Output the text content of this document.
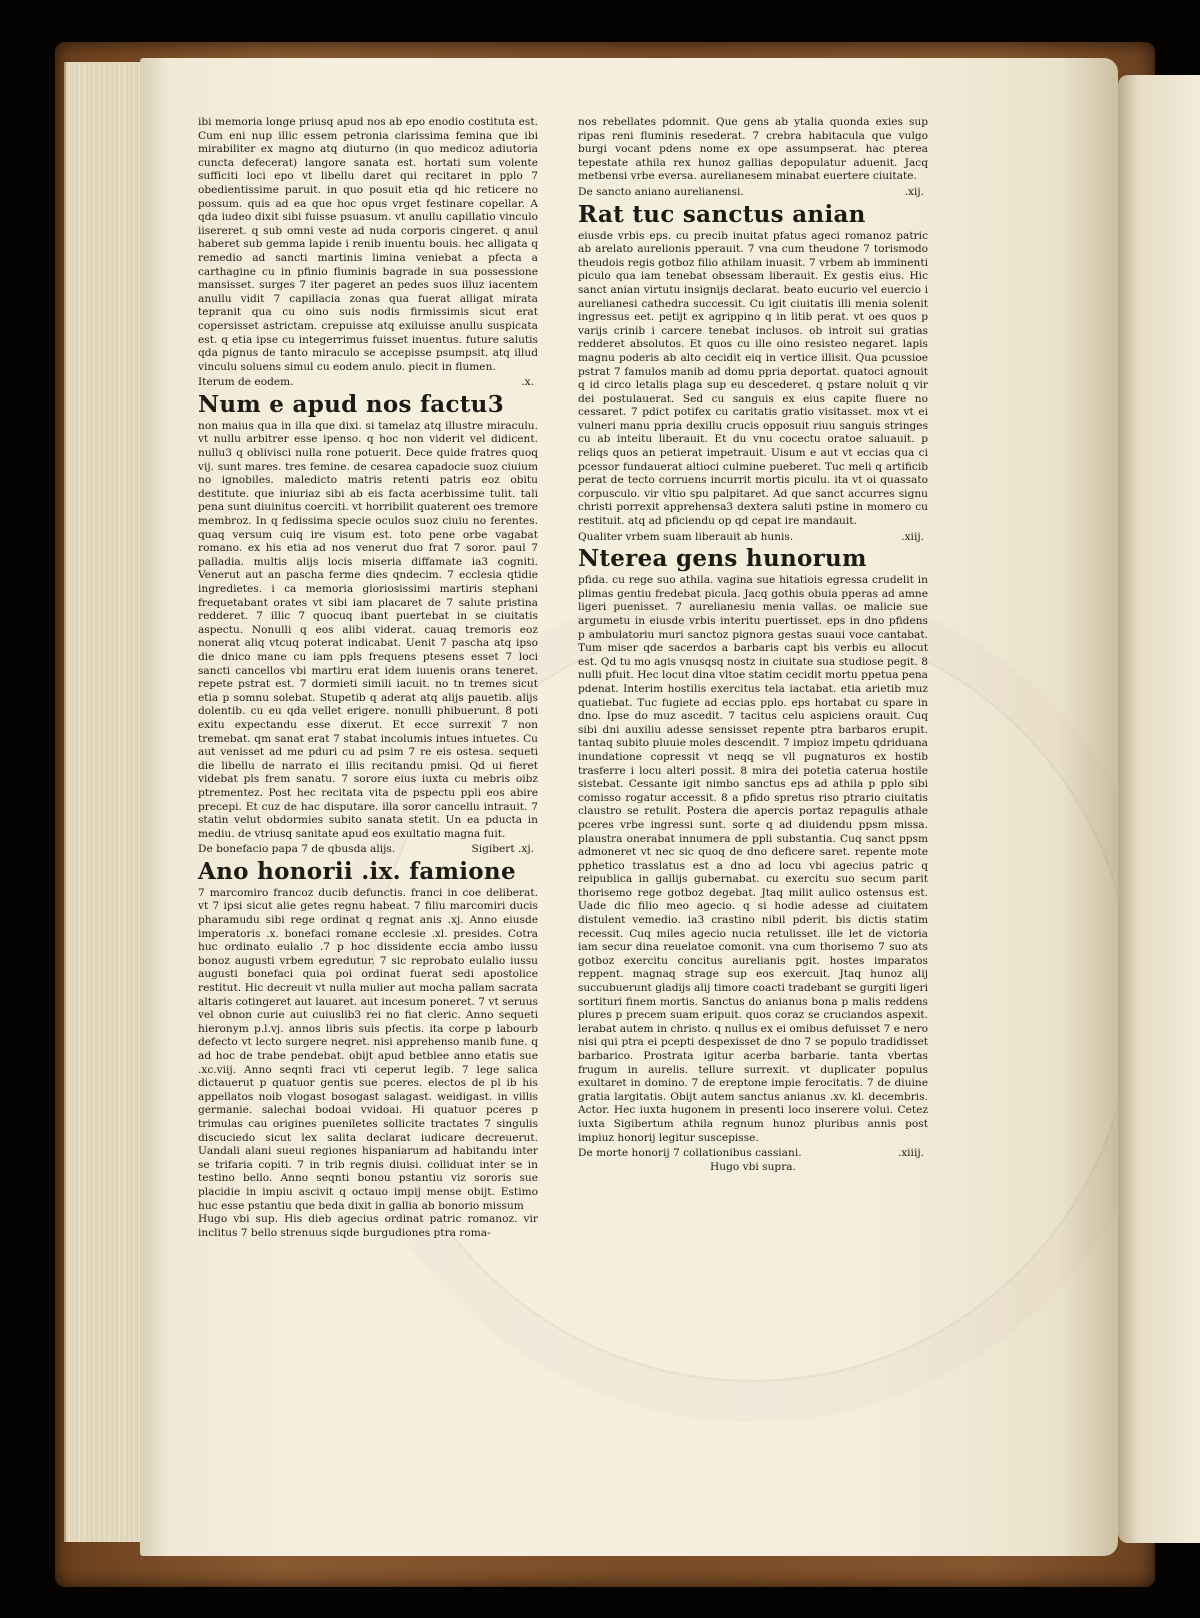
ibi memoria longe priusq apud nos ab epo enodio costituta est. Cum eni nup illic essem petronia clarissima femina que ibi mirabiliter ex magno atq diuturno (in quo medicoz adiutoria cuncta defecerat) langore sanata est. hortati sum volente sufficiti loci epo vt libellu daret qui recitaret in pplo 7 obedientissime paruit. in quo posuit etia qd hic reticere no possum. quis ad ea que hoc opus vrget festinare copellar. A qda iudeo dixit sibi fuisse psuasum. vt anullu capillatio vinculo iisereret. q sub omni veste ad nuda corporis cingeret. q anul haberet sub gemma lapide i renib inuentu bouis. hec alligata q remedio ad sancti martinis limina veniebat a pfecta a carthagine cu in pfinio fluminis bagrade in sua possessione mansisset. surges 7 iter pageret an pedes suos illuz iacentem anullu vidit 7 capillacia zonas qua fuerat alligat mirata tepranit qua cu oino suis nodis firmissimis sicut erat copersisset astrictam. crepuisse atq exiluisse anullu suspicata est. q etia ipse cu integerrimus fuisset inuentus. future salutis qda pignus de tanto miraculo se accepisse psumpsit. atq illud vinculu soluens simul cu eodem anulo. piecit in flumen.

Iterum de eodem.	.x.
Num e apud nos factu3

non maius qua in illa que dixi. si tamelaz atq illustre miraculu. vt nullu arbitrer esse ipenso. q hoc non viderit vel didicent. nullu3 q oblivisci nulla rone potuerit. Dece quide fratres quoq vij. sunt mares. tres femine. de cesarea capadocie suoz ciuium no ignobiles. maledicto matris retenti patris eoz obitu destitute. que iniuriaz sibi ab eis facta acerbissime tulit. tali pena sunt diuinitus coerciti. vt horribilit quaterent oes tremore membroz. In q fedissima specie oculos suoz ciuiu no ferentes. quaq versum cuiq ire visum est. toto pene orbe vagabat romano. ex his etia ad nos venerut duo frat 7 soror. paul 7 palladia. multis alijs locis miseria diffamate ia3 cogniti. Venerut aut an pascha ferme dies qndecim. 7 ecclesia qtidie ingredietes. i ca memoria gloriosissimi martiris stephani frequetabant orates vt sibi iam placaret de 7 salute pristina redderet. 7 illic 7 quocuq ibant puertebat in se ciuitatis aspectu. Nonulli q eos alibi viderat. cauaq tremoris eoz nonerat aliq vtcuq poterat indicabat. Uenit 7 pascha atq ipso die dnico mane cu iam ppls frequens ptesens esset 7 loci sancti cancellos vbi martiru erat idem iuuenis orans teneret. repete pstrat est. 7 dormieti simili iacuit. no tn tremes sicut etia p somnu solebat. Stupetib q aderat atq alijs pauetib. alijs dolentib. cu eu qda vellet erigere. nonulli phibuerunt. 8 poti exitu expectandu esse dixerut. Et ecce surrexit 7 non tremebat. qm sanat erat 7 stabat incolumis intues intuetes. Cu aut venisset ad me pduri cu ad psim 7 re eis ostesa. sequeti die libellu de narrato ei illis recitandu pmisi. Qd ui fieret videbat pls frem sanatu. 7 sorore eius iuxta cu mebris oibz ptrementez. Post hec recitata vita de pspectu ppli eos abire precepi. Et cuz de hac disputare. illa soror cancellu intrauit. 7 statin velut obdormies subito sanata stetit. Un ea pducta in mediu. de vtriusq sanitate apud eos exultatio magna fuit.

De bonefacio papa 7 de qbusda alijs.	Sigibert .xj.
Ano honorii .ix. famione

7 marcomiro francoz ducib defunctis. franci in coe deliberat. vt 7 ipsi sicut alie getes regnu habeat. 7 filiu marcomiri ducis pharamudu sibi rege ordinat q regnat anis .xj. Anno eiusde imperatoris .x. bonefaci romane ecclesie .xl. presides. Cotra huc ordinato eulalio .7 p hoc dissidente eccia ambo iussu bonoz augusti vrbem egredutur. 7 sic reprobato eulalio iussu augusti bonefaci quia poi ordinat fuerat sedi apostolice restitut. Hic decreuit vt nulla mulier aut mocha pallam sacrata altaris cotingeret aut lauaret. aut incesum poneret. 7 vt seruus vel obnon curie aut cuiuslib3 rei no fiat cleric. Anno sequeti hieronym p.l.vj. annos libris suis pfectis. ita corpe p labourb defecto vt lecto surgere neqret. nisi apprehenso manib fune. q ad hoc de trabe pendebat. obijt apud betblee anno etatis sue .xc.viij. Anno seqnti fraci vti ceperut legib. 7 lege salica dictauerut p quatuor gentis sue pceres. electos de pl ib his appellatos noib vlogast bosogast salagast. weidigast. in villis germanie. salechai bodoai vvidoai. Hi quatuor pceres p trimulas cau origines pueniletes sollicite tractates 7 singulis discuciedo sicut lex salita declarat iudicare decreuerut. Uandali alani sueui regiones hispaniarum ad habitandu inter se trifaria copiti. 7 in trib regnis diuisi. colliduat inter se in testino bello. Anno seqnti bonou pstantiu viz sororis sue placidie in impiu ascivit q octauo impij mense obijt. Estimo huc esse pstantiu que beda dixit in gallia ab bonorio missum

Hugo vbi sup. His dieb agecius ordinat patric romanoz. vir inclitus 7 bello strenuus siqde burgudiones ptra roma-

nos rebellates pdomnit. Que gens ab ytalia quonda exies sup ripas reni fluminis resederat. 7 crebra habitacula que vulgo burgi vocant pdens nome ex ope assumpserat. hac pterea tepestate athila rex hunoz gallias depopulatur aduenit. Jacq metbensi vrbe eversa. aurelianesem minabat euertere ciuitate.

De sancto aniano aurelianensi.	.xij.
Rat tuc sanctus anian

eiusde vrbis eps. cu precib inuitat pfatus ageci romanoz patric ab arelato aurelionis pperauit. 7 vna cum theudone 7 torismodo theudois regis gotboz filio athilam inuasit. 7 vrbem ab imminenti piculo qua iam tenebat obsessam liberauit. Ex gestis eius. Hic sanct anian virtutu insignijs declarat. beato eucurio vel euercio i aurelianesi cathedra successit. Cu igit ciuitatis illi menia solenit ingressus eet. petijt ex agrippino q in litib perat. vt oes quos p varijs crinib i carcere tenebat inclusos. ob introit sui gratias redderet absolutos. Et quos cu ille oino resisteo negaret. lapis magnu poderis ab alto cecidit eiq in vertice illisit. Qua pcussioe pstrat 7 famulos manib ad domu ppria deportat. quatoci agnouit q id circo letalis plaga sup eu descederet. q pstare noluit q vir dei postulauerat. Sed cu sanguis ex eius capite fluere no cessaret. 7 pdict potifex cu caritatis gratio visitasset. mox vt ei vulneri manu ppria dexillu crucis opposuit riuu sanguis stringes cu ab inteitu liberauit. Et du vnu cocectu oratoe saluauit. p reliqs quos an petierat impetrauit. Uisum e aut vt eccias qua ci pcessor fundauerat altioci culmine pueberet. Tuc meli q artificib perat de tecto corruens incurrit mortis piculu. ita vt oi quassato corpusculo. vir vltio spu palpitaret. Ad que sanct accurres signu christi porrexit apprehensa3 dextera saluti pstine in momero cu restituit. atq ad pficiendu op qd cepat ire mandauit.

Qualiter vrbem suam liberauit ab hunis.	.xiij.
Nterea gens hunorum

pfida. cu rege suo athila. vagina sue hitatiois egressa crudelit in plimas gentiu fredebat picula. Jacq gothis obuia pperas ad amne ligeri puenisset. 7 aurelianesiu menia vallas. oe malicie sue argumetu in eiusde vrbis interitu puertisset. eps in dno pfidens p ambulatoriu muri sanctoz pignora gestas suaui voce cantabat. Tum miser qde sacerdos a barbaris capt bis verbis eu allocut est. Qd tu mo agis vnusqsq nostz in ciuitate sua studiose pegit. 8 nulli pfuit. Hec locut dina vltoe statim cecidit mortu ppetua pena pdenat. Interim hostilis exercitus tela iactabat. etia arietib muz quatiebat. Tuc fugiete ad eccias pplo. eps hortabat cu spare in dno. Ipse do muz ascedit. 7 tacitus celu aspiciens orauit. Cuq sibi dni auxiliu adesse sensisset repente ptra barbaros erupit. tantaq subito pluuie moles descendit. 7 impioz impetu qdriduana inundatione copressit vt neqq se vll pugnaturos ex hostib trasferre i locu alteri possit. 8 mira dei potetia caterua hostile sistebat. Cessante igit nimbo sanctus eps ad athila p pplo sibi comisso rogatur accessit. 8 a pfido spretus riso ptrario ciuitatis claustro se retulit. Postera die apercis portaz repagulis athale pceres vrbe ingressi sunt. sorte q ad diuidendu ppsm missa. plaustra onerabat innumera de ppli substantia. Cuq sanct ppsm admoneret vt nec sic quoq de dno deficere saret. repente mote pphetico trasslatus est a dno ad locu vbi agecius patric q reipublica in gallijs gubernabat. cu exercitu suo secum parit thorisemo rege gotboz degebat. Jtaq milit aulico ostensus est. Uade dic filio meo agecio. q si hodie adesse ad ciuitatem distulent vemedio. ia3 crastino nibil pderit. bis dictis statim recessit. Cuq miles agecio nucia retulisset. ille let de victoria iam secur dina reuelatoe comonit. vna cum thorisemo 7 suo ats gotboz exercitu concitus aurelianis pgit. hostes imparatos reppent. magnaq strage sup eos exercuit. Jtaq hunoz alij succubuerunt gladijs alij timore coacti tradebant se gurgiti ligeri sortituri finem mortis. Sanctus do anianus bona p malis reddens plures p precem suam eripuit. quos coraz se cruciandos aspexit. lerabat autem in christo. q nullus ex ei omibus defuisset 7 e nero nisi qui ptra ei pcepti despexisset de dno 7 se populo tradidisset barbarico. Prostrata igitur acerba barbarie. tanta vbertas frugum in aurelis. tellure surrexit. vt duplicater populus exultaret in domino. 7 de ereptone impie ferocitatis. 7 de diuine gratia largitatis. Obijt autem sanctus anianus .xv. kl. decembris. Actor. Hec iuxta hugonem in presenti loco inserere volui. Cetez iuxta Sigibertum athila regnum hunoz pluribus annis post impiuz honorij legitur suscepisse.

De morte honorij 7 collationibus cassiani.	.xiiij.

Hugo vbi supra.
